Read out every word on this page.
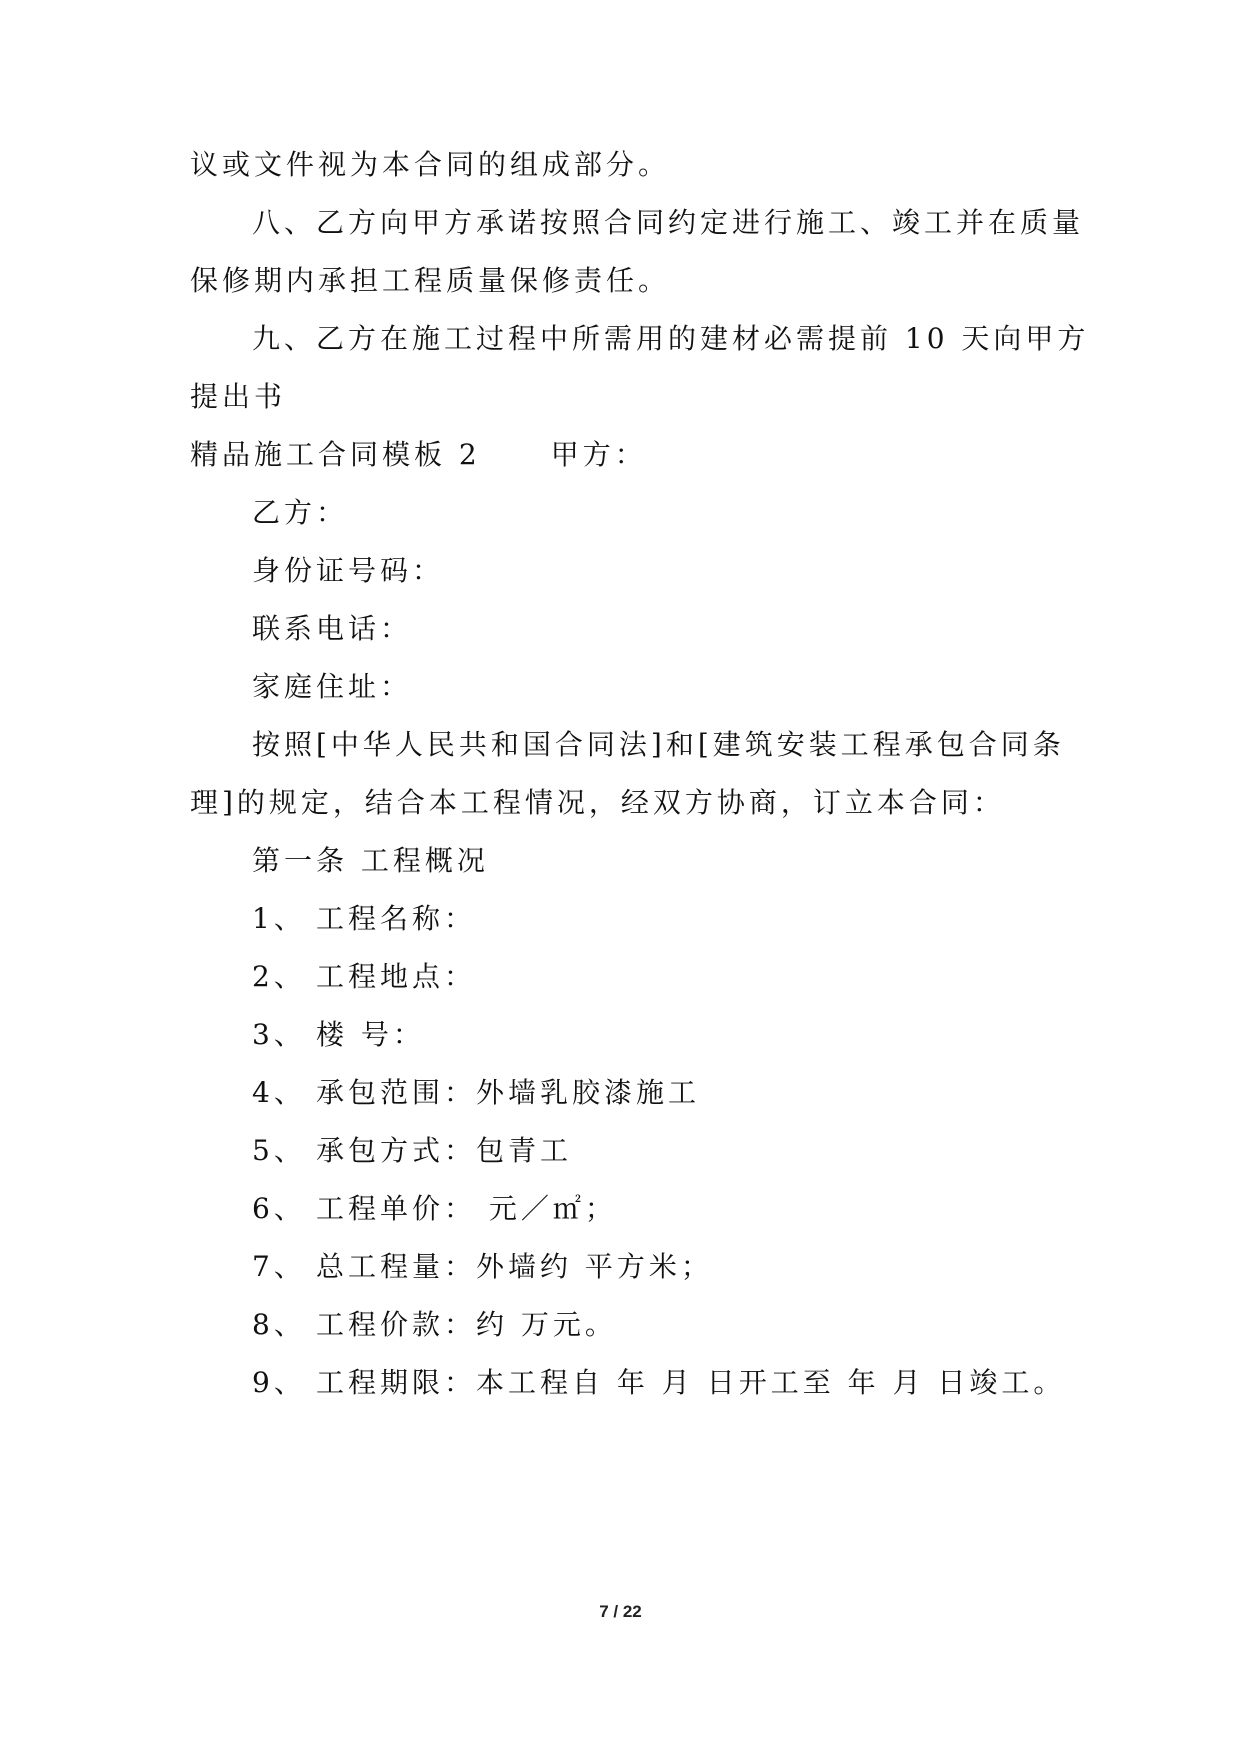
议或文件视为本合同的组成部分。

八、乙方向甲方承诺按照合同约定进行施工、竣工并在质量

保修期内承担工程质量保修责任。

九、乙方在施工过程中所需用的建材必需提前 10 天向甲方

提出书

精品施工合同模板 2	甲方：

乙方：

身份证号码：

联系电话：

家庭住址：

按照[中华人民共和国合同法]和[建筑安装工程承包合同条

理]的规定，结合本工程情况，经双方协商，订立本合同：

第一条 工程概况

1、 工程名称：

2、 工程地点：

3、 楼 号：

4、 承包范围：外墙乳胶漆施工

5、 承包方式：包青工

6、 工程单价： 元／㎡；

7、 总工程量：外墙约 平方米；

8、 工程价款：约 万元。

9、 工程期限：本工程自 年 月 日开工至 年 月 日竣工。

7 / 22
